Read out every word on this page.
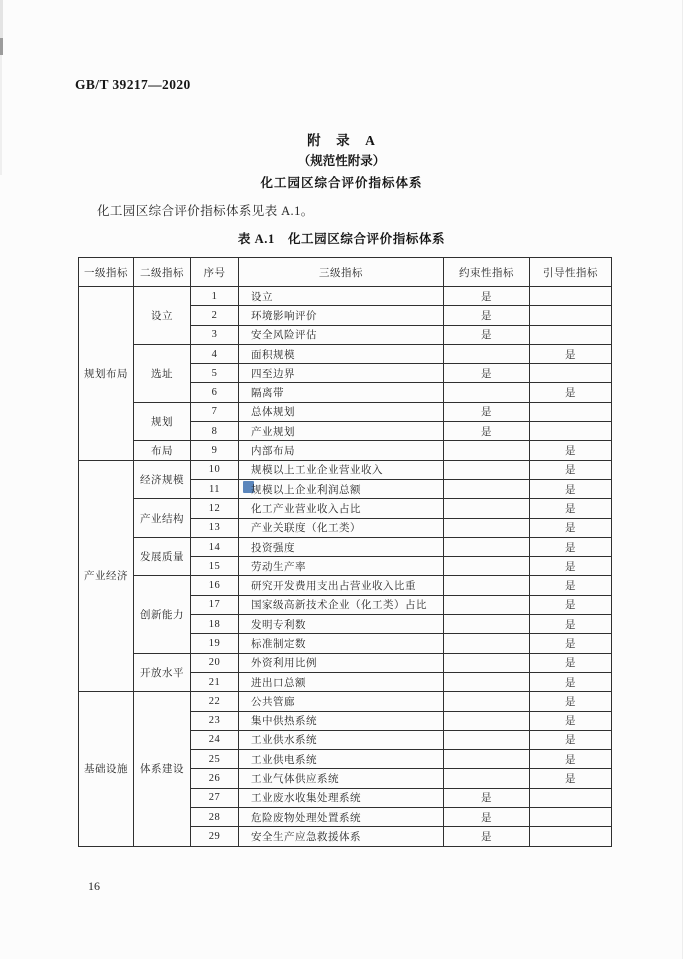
GB/T 39217—2020
附　录　A
（规范性附录）
化工园区综合评价指标体系
化工园区综合评价指标体系见表 A.1。
表 A.1　化工园区综合评价指标体系
一级指标	二级指标	序号	三级指标	约束性指标	引导性指标
规划布局	设立	1	设立	是	
		2	环境影响评价	是	
		3	安全风险评估	是	
	选址	4	面积规模		是
		5	四至边界	是	
		6	隔离带		是
	规划	7	总体规划	是	
		8	产业规划	是	
	布局	9	内部布局		是
产业经济	经济规模	10	规模以上工业企业营业收入		是
		11	规模以上企业利润总额		是
	产业结构	12	化工产业营业收入占比		是
		13	产业关联度（化工类）		是
	发展质量	14	投资强度		是
		15	劳动生产率		是
	创新能力	16	研究开发费用支出占营业收入比重		是
		17	国家级高新技术企业（化工类）占比		是
		18	发明专利数		是
		19	标准制定数		是
	开放水平	20	外资利用比例		是
		21	进出口总额		是
基础设施	体系建设	22	公共管廊		是
		23	集中供热系统		是
		24	工业供水系统		是
		25	工业供电系统		是
		26	工业气体供应系统		是
		27	工业废水收集处理系统	是	
		28	危险废物处理处置系统	是	
		29	安全生产应急救援体系	是	
16
